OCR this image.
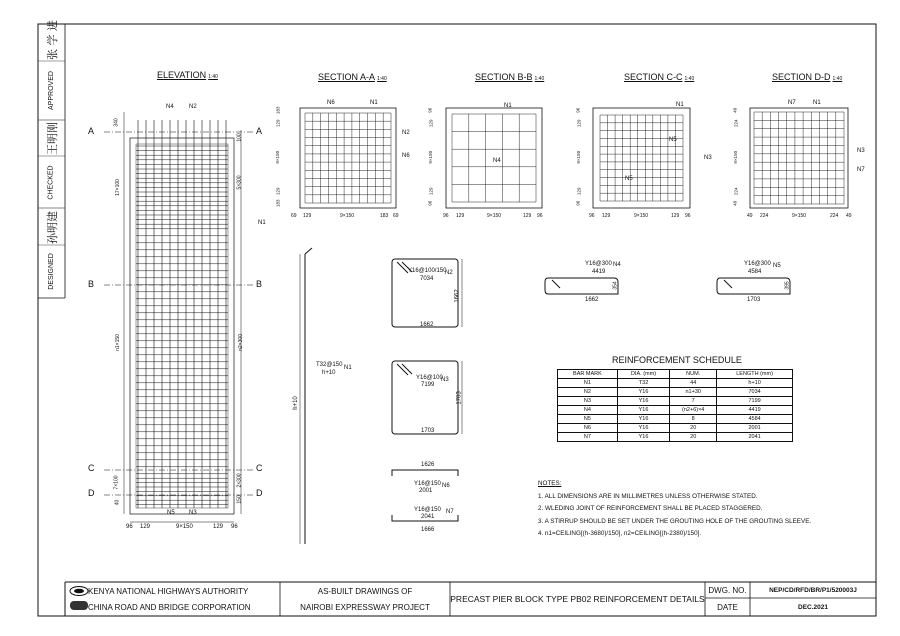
APPROVED
CHECKED
DESIGNED
张 学 进
王明刚
孙明建
ELEVATION 1:40	SECTION A-A 1:40	SECTION B-B 1:40	SECTION C-C 1:40	SECTION D-D 1:40
A	A
B	B
C	C
D	D
N4	N2
N1
N5 N3
340
17×100
n1×150
7×100
40
100
5×300
n2×300
2×300
150
96 129	9×150	129 96
N6	N1
N2
N6
N1
N4
N1
N5
N3
N5
N7	N1
N3
N7
183
129
9×150
129
183
96
129
9×150
129
96
96
129
9×150
129
96
49
224
9×150
224
49
69 129	9×150	183 69	96 129	9×150	129 96	96 129	9×150	129 96	49 224	9×150	224 49
T32@150 N1
h+10
h+10
Y16@100/150
N2
7034
1662
1662
Y16@100
N3
7199
1703
1703
Y16@300 N4
4419
1662
354
Y16@300 N5
4584
1703
395
1626
Y16@150 N6
2001
Y16@150 N7
2041
1666
REINFORCEMENT SCHEDULE
BAR MARK	DIA. (mm)	NUM.	LENGTH (mm)
N1	T32	44	h+10
N2	Y16	n1+30	7034
N3	Y16	7	7199
N4	Y16	(n2+6)×4	4419
N5	Y16	8	4584
N6	Y16	20	2001
N7	Y16	20	2041
NOTES:
1. ALL DIMENSIONS ARE IN MILLIMETRES UNLESS OTHERWISE STATED.
2. WLEDING JOINT OF REINFORCEMENT SHALL BE PLACED STAGGERED.
3. A STIRRUP SHOULD BE SET UNDER THE GROUTING HOLE OF THE GROUTING SLEEVE.
4. n1=CEILING[(h-3680)/150], n2=CEILING[(h-2380)/150].
KENYA NATIONAL HIGHWAYS AUTHORITY
CHINA ROAD AND BRIDGE CORPORATION
AS-BUILT DRAWINGS OF
NAIROBI EXPRESSWAY PROJECT
PRECAST PIER BLOCK TYPE PB02 REINFORCEMENT DETAILS
DWG. NO.	NEP/CD/RFD/BR/P1/520003J
DATE	DEC.2021
